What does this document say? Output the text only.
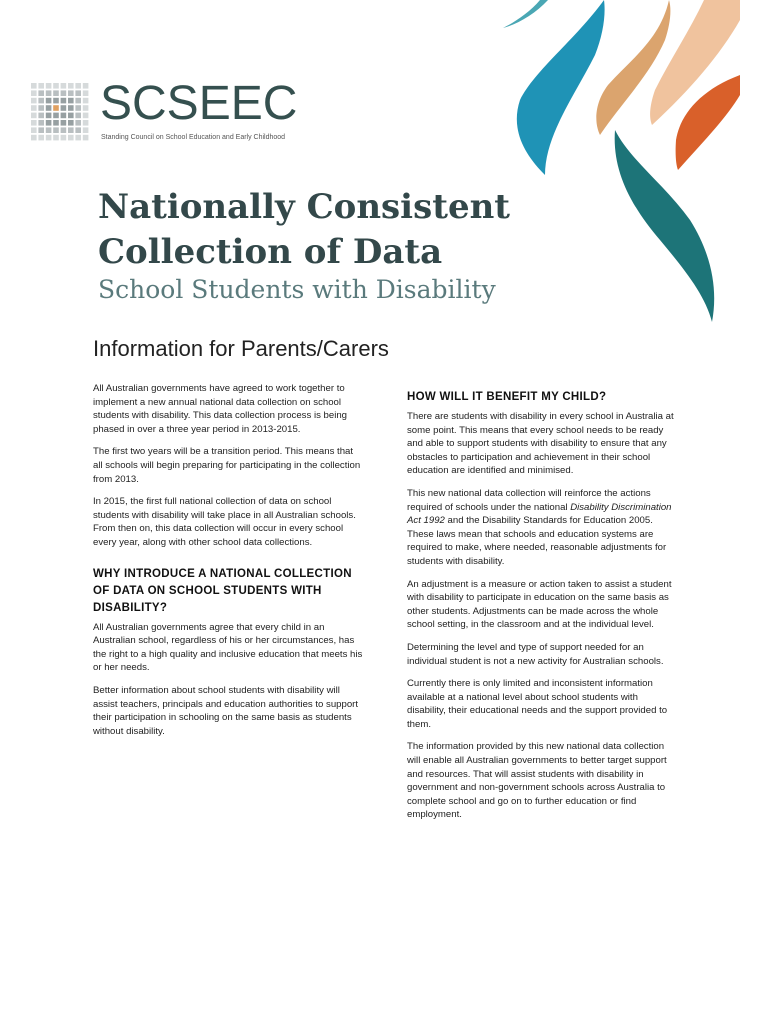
SCSEEC
Standing Council on School Education and Early Childhood
Nationally Consistent
Collection of Data
School Students with Disability
Information for Parents/Carers

All Australian governments have agreed to work together to implement a new annual national data collection on school students with disability. This data collection process is being phased in over a three year period in 2013-2015.

The first two years will be a transition period. This means that all schools will begin preparing for participating in the collection from 2013.

In 2015, the first full national collection of data on school students with disability will take place in all Australian schools. From then on, this data collection will occur in every school every year, along with other school data collections.

WHY INTRODUCE A NATIONAL COLLECTION OF DATA ON SCHOOL STUDENTS WITH DISABILITY?

All Australian governments agree that every child in an Australian school, regardless of his or her circumstances, has the right to a high quality and inclusive education that meets his or her needs.

Better information about school students with disability will assist teachers, principals and education authorities to support their participation in schooling on the same basis as students without disability.

HOW WILL IT BENEFIT MY CHILD?

There are students with disability in every school in Australia at some point. This means that every school needs to be ready and able to support students with disability to ensure that any obstacles to participation and achievement in their school education are identified and minimised.

This new national data collection will reinforce the actions required of schools under the national Disability Discrimination Act 1992 and the Disability Standards for Education 2005. These laws mean that schools and education systems are required to make, where needed, reasonable adjustments for students with disability.

An adjustment is a measure or action taken to assist a student with disability to participate in education on the same basis as other students. Adjustments can be made across the whole school setting, in the classroom and at the individual level.

Determining the level and type of support needed for an individual student is not a new activity for Australian schools.

Currently there is only limited and inconsistent information available at a national level about school students with disability, their educational needs and the support provided to them.

The information provided by this new national data collection will enable all Australian governments to better target support and resources. That will assist students with disability in government and non-government schools across Australia to complete school and go on to further education or find employment.
